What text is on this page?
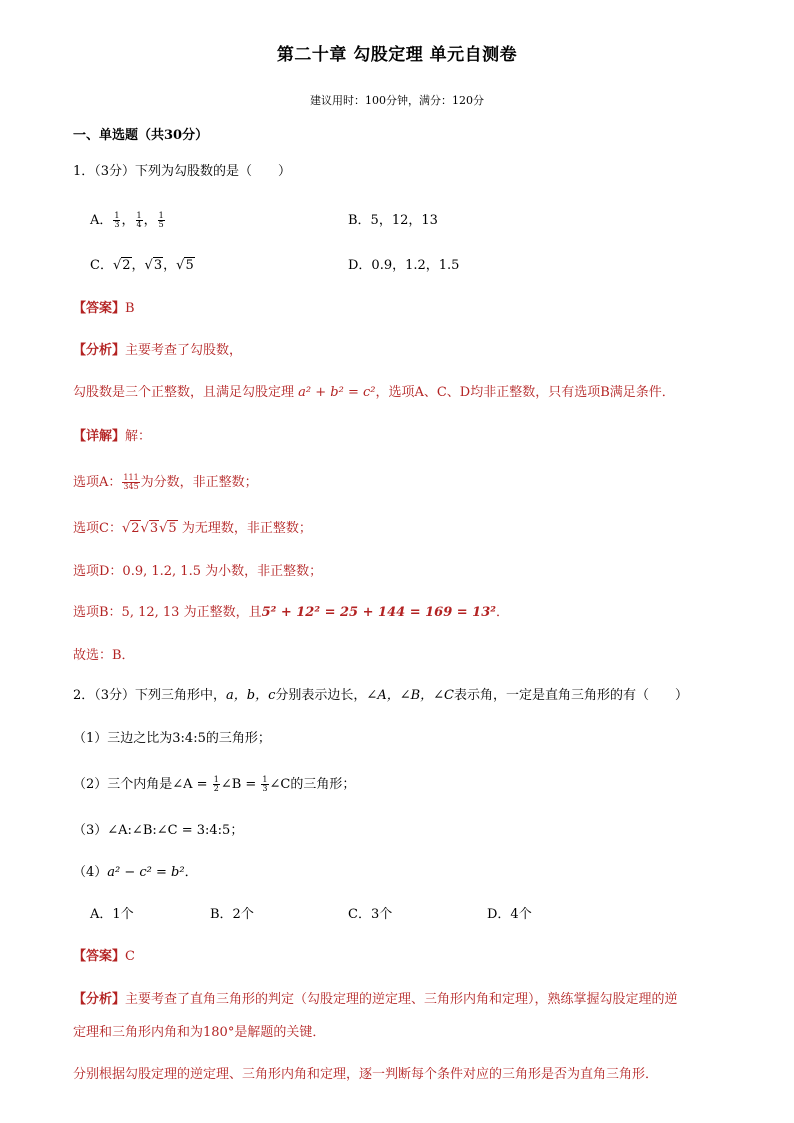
第二十章 勾股定理 单元自测卷
建议用时：100分钟，满分：120分
一、单选题（共30分）
1．（3分）下列为勾股数的是（　　）
A． $\frac{1}{3}$ ， $\frac{1}{4}$ ， $\frac{1}{5}$	B．5，12，13
C．√2，√3，√5	D．0.9，1.2，1.5
【答案】B
【分析】主要考查了勾股数，
勾股数是三个正整数，且满足勾股定理 a² + b² = c²，选项A、C、D均非正整数，只有选项B满足条件．
【详解】解：
选项A： $\frac{111}{345}$ 为分数，非正整数；
选项C：√2√3√5 为无理数，非正整数；
选项D：0.9, 1.2, 1.5 为小数，非正整数；
选项B：5, 12, 13 为正整数，且5² + 12² = 25 + 144 = 169 = 13²．
故选：B．
2．（3分）下列三角形中，a，b，c分别表示边长，∠A，∠B，∠C表示角，一定是直角三角形的有（　　）
（1）三边之比为3:4:5的三角形；
（2）三个内角是∠A = $\frac{1}{2}$ ∠B = $\frac{1}{3}$ ∠C的三角形；
（3）∠A:∠B:∠C = 3:4:5；
（4）a² − c² = b²．
A．1个	B．2个	C．3个	D．4个
【答案】C
【分析】主要考查了直角三角形的判定（勾股定理的逆定理、三角形内角和定理），熟练掌握勾股定理的逆
定理和三角形内角和为180°是解题的关键．
分别根据勾股定理的逆定理、三角形内角和定理，逐一判断每个条件对应的三角形是否为直角三角形．
